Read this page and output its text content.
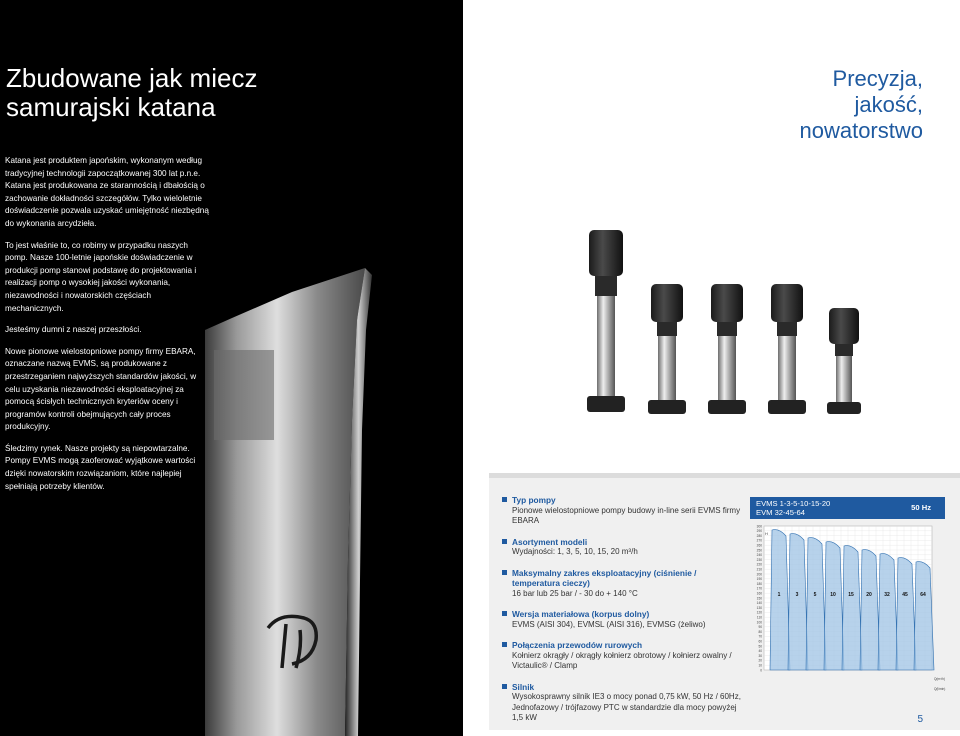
Zbudowane jak miecz
samurajski katana

Katana jest produktem japońskim, wykonanym według tradycyjnej technologii zapoczątkowanej 300 lat p.n.e. Katana jest produkowana ze starannością i dbałością o zachowanie dokładności szczegółów. Tylko wieloletnie doświadczenie pozwala uzyskać umiejętność niezbędną do wykonania arcydzieła.

To jest właśnie to, co robimy w przypadku naszych pomp. Nasze 100-letnie japońskie doświadczenie w produkcji pomp stanowi podstawę do projektowania i realizacji pomp o wysokiej jakości wykonania, niezawodności i nowatorskich częściach mechanicznych.

Jesteśmy dumni z naszej przeszłości.

Nowe pionowe wielostopniowe pompy firmy EBARA, oznaczane nazwą EVMS, są produkowane z przestrzeganiem najwyższych standardów jakości, w celu uzyskania niezawodności eksploatacyjnej za pomocą ścisłych technicznych kryteriów oceny i programów kontroli obejmujących cały proces produkcyjny.

Śledzimy rynek. Nasze projekty są niepowtarzalne. Pompy EVMS mogą zaoferować wyjątkowe wartości dzięki nowatorskim rozwiązaniom, które najlepiej spełniają potrzeby klientów.

Precyzja,
jakość,
nowatorstwo
Typ pompy
Pionowe wielostopniowe pompy budowy in-line serii EVMS firmy EBARA
Asortyment modeli
Wydajności: 1, 3, 5, 10, 15, 20 m³/h
Maksymalny zakres eksploatacyjny (ciśnienie / temperatura cieczy)
16 bar lub 25 bar / - 30 do + 140 °C
Wersja materiałowa (korpus dolny)
EVMS (AISI 304), EVMSL (AISI 316), EVMSG (żeliwo)
Połączenia przewodów rurowych
Kołnierz okrągły / okrągły kołnierz obrotowy / kołnierz owalny / Victaulic® / Clamp
Silnik
Wysokosprawny silnik IE3 o mocy ponad 0,75 kW, 50 Hz / 60Hz, Jednofazowy / trójfazowy PTC w standardzie dla mocy powyżej 1,5 kW
EVMS 1-3-5-10-15-20
EVM 32-45-64
50 Hz
300
290
280
270
260
250
240
230
220
210
200
190
180
170
160
150
140
130
120
110
100
90
80
70
60
50
40
30
20
10
0
1	3	5	10 15 20 32 45 64
H
Q(m³/h)
Q(l/min)
5
